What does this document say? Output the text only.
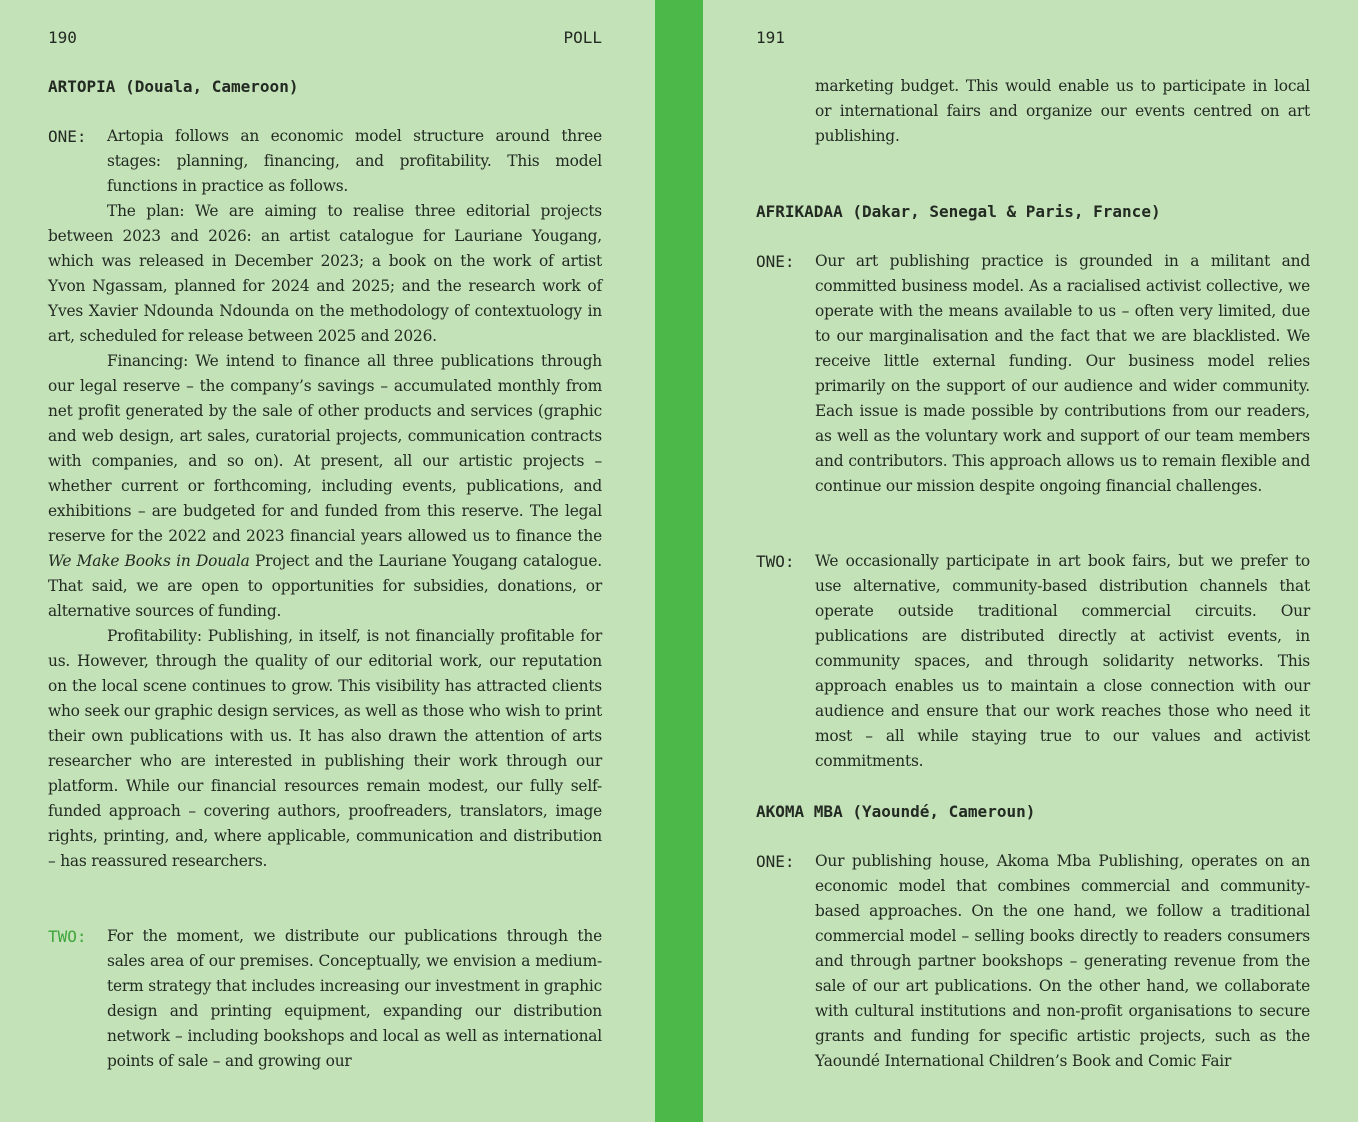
190	POLL
ARTOPIA (Douala, Cameroon)
ONE: Artopia follows an economic model structure around three stages: planning, financing, and profitability. This model functions in practice as follows.

The plan: We are aiming to realise three editorial projects between 2023 and 2026: an artist catalogue for Lauriane Yougang, which was released in December 2023; a book on the work of artist Yvon Ngassam, planned for 2024 and 2025; and the research work of Yves Xavier Ndounda Ndounda on the methodology of contextuology in art, scheduled for release between 2025 and 2026.

Financing: We intend to finance all three publications through our legal reserve – the company’s savings – accumulated monthly from net profit generated by the sale of other products and services (graphic and web design, art sales, curatorial projects, communication contracts with companies, and so on). At present, all our artistic projects – whether current or forthcoming, including events, publications, and exhibitions – are budgeted for and funded from this reserve. The legal reserve for the 2022 and 2023 financial years allowed us to finance the We Make Books in Douala Project and the Lauriane Yougang catalogue. That said, we are open to opportunities for subsidies, donations, or alternative sources of funding.

Profitability: Publishing, in itself, is not financially profitable for us. However, through the quality of our editorial work, our reputation on the local scene continues to grow. This visibility has attracted clients who seek our graphic design services, as well as those who wish to print their own publications with us. It has also drawn the attention of arts researcher who are interested in publishing their work through our platform. While our financial resources remain modest, our fully self-funded approach – covering authors, proofreaders, translators, image rights, printing, and, where applicable, communication and distribution – has reassured researchers.

TWO: For the moment, we distribute our publications through the sales area of our premises. Conceptually, we envision a medium-term strategy that includes increasing our investment in graphic design and printing equipment, expanding our distribution network – including bookshops and local as well as international points of sale – and growing our
191
marketing budget. This would enable us to participate in local or international fairs and organize our events centred on art publishing.
AFRIKADAA (Dakar, Senegal & Paris, France)
ONE: Our art publishing practice is grounded in a militant and committed business model. As a racialised activist collective, we operate with the means available to us – often very limited, due to our marginalisation and the fact that we are blacklisted. We receive little external funding. Our business model relies primarily on the support of our audience and wider community. Each issue is made possible by contributions from our readers, as well as the voluntary work and support of our team members and contributors. This approach allows us to remain flexible and continue our mission despite ongoing financial challenges.
TWO: We occasionally participate in art book fairs, but we prefer to use alternative, community-based distribution channels that operate outside traditional commercial circuits. Our publications are distributed directly at activist events, in community spaces, and through solidarity networks. This approach enables us to maintain a close connection with our audience and ensure that our work reaches those who need it most – all while staying true to our values and activist commitments.
AKOMA MBA (Yaoundé, Cameroun)
ONE: Our publishing house, Akoma Mba Publishing, operates on an economic model that combines commercial and community-based approaches. On the one hand, we follow a traditional commercial model – selling books directly to readers consumers and through partner bookshops – generating revenue from the sale of our art publications. On the other hand, we collaborate with cultural institutions and non-profit organisations to secure grants and funding for specific artistic projects, such as the Yaoundé International Children’s Book and Comic Fair
